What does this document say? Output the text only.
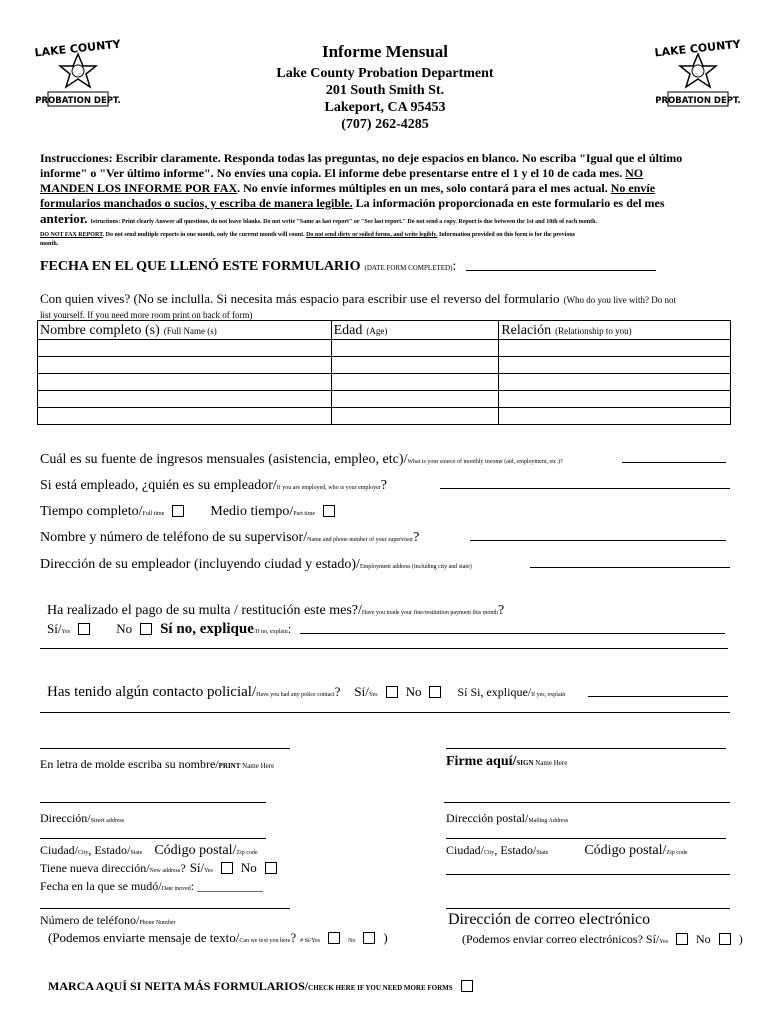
LAKE COUNTY
PROBATION DEPT.
LAKE COUNTY
PROBATION DEPT.
Informe Mensual
Lake County Probation Department
201 South Smith St.
Lakeport, CA 95453
(707) 262-4285
Instrucciones: Escribir claramente. Responda todas las preguntas, no deje espacios en blanco. No escriba "Igual que el último
informe" o "Ver último informe". No envíes una copia. El informe debe presentarse entre el 1 y el 10 de cada mes. NO
MANDEN LOS INFORME POR FAX. No envíe informes múltiples en un mes, solo contará para el mes actual. No envíe
formularios manchados o sucios, y escriba de manera legible. La información proporcionada en este formulario es del mes
anterior. Istructions: Print clearly Answer all questions, do not leave blanks. Do not write "Same as last report" or "See last report." Do not send a copy. Report is due between the 1st and 10th of each month.
DO NOT FAX REPORT. Do not send multiple reports in one month, only the current month will count. Do not send dirty or soiled forms, and write legibly. Information provided on this form is for the previous
month.
FECHA EN EL QUE LLENÓ ESTE FORMULARIO (DATE FORM COMPLETED):
Con quien vives? (No se inclulla. Si necesita más espacio para escribir use el reverso del formulario (Who do you live with? Do not
list yourself. If you need more room print on back of form)
Nombre completo (s) (Full Name (s)	Edad (Age)	Relación (Relationship to you)

Cuál es su fuente de ingresos mensuales (asistencia, empleo, etc)/What is your source of monthly income (aid, employment, etc.)?
Si está empleado, ¿quién es su empleador/If you are employed, who is your employer?
Tiempo completo/Full time	Medio tiempo/Part time
Nombre y número de teléfono de su supervisor/Name and phone number of your supervisor?
Dirección de su empleador (incluyendo ciudad y estado)/Employment address (including city and state)
Ha realizado el pago de su multa / restitución este mes?/Have you made your fine/restitution payment this month?
Sí/Yes	No Sí no, explique/If no, explain:
Has tenido algún contacto policial/Have you had any police contact? Sí/Yes No	Sí Si, explique/If yes, explain
En letra de molde escriba su nombre/PRINT Name Here	Firme aquí/SIGN Name Here
Dirección/Street address	Dirección postal/Mailing Address
Ciudad/City, Estado/State Código postal/Zip code	Ciudad/City, Estado/State	Código postal/Zip code
Tiene nueva dirección/New address? Sí/Yes No
Fecha en la que se mudó/Date moved: ___________
Número de teléfono/Phone Number	Dirección de correo electrónico
(Podemos enviarte mensaje de texto/Can we text you here? # Sí/Yes	No )	(Podemos enviar correo electrónicos? Sí/Yes No )
MARCA AQUÍ SI NEITA MÁS FORMULARIOS/CHECK HERE IF YOU NEED MORE FORMS
